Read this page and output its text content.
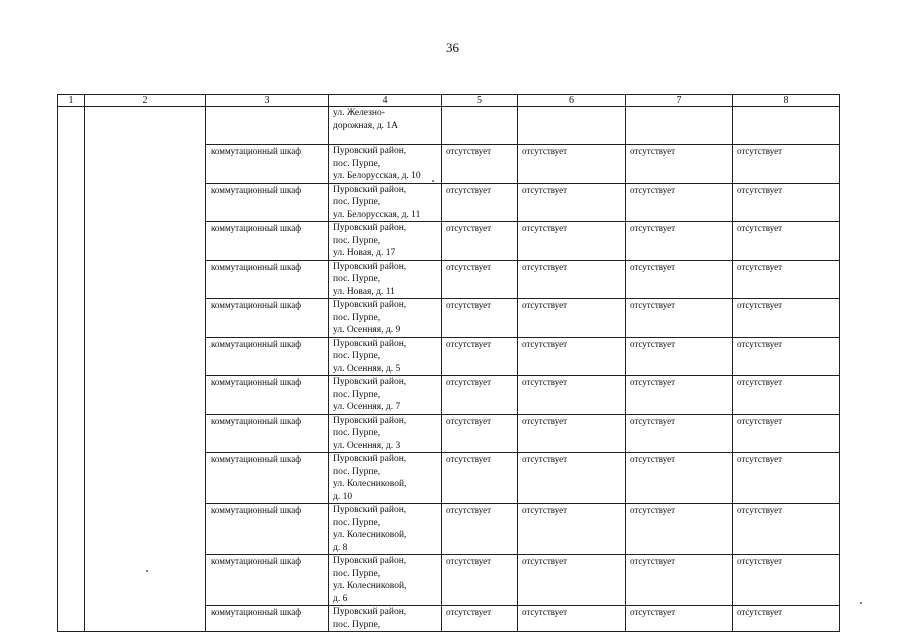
36
1	2	3	4	5	6	7	8

			ул. Железно-
дорожная, д. 1А				

		коммутационный шкаф	Пуровский район,
пос. Пурпе,
ул. Белорусская, д. 10	отсутствует	отсутствует	отсутствует	отсутствует
		коммутационный шкаф	Пуровский район,
пос. Пурпе,
ул. Белорусская, д. 11	отсутствует	отсутствует	отсутствует	отсутствует
		коммутационный шкаф	Пуровский район,
пос. Пурпе,
ул. Новая, д. 17	отсутствует	отсутствует	отсутствует	отсутствует
		коммутационный шкаф	Пуровский район,
пос. Пурпе,
ул. Новая, д. 11	отсутствует	отсутствует	отсутствует	отсутствует
		коммутационный шкаф	Пуровский район,
пос. Пурпе,
ул. Осенняя, д. 9	отсутствует	отсутствует	отсутствует	отсутствует
		коммутационный шкаф	Пуровский район,
пос. Пурпе,
ул. Осенняя, д. 5	отсутствует	отсутствует	отсутствует	отсутствует
		коммутационный шкаф	Пуровский район,
пос. Пурпе,
ул. Осенняя, д. 7	отсутствует	отсутствует	отсутствует	отсутствует
		коммутационный шкаф	Пуровский район,
пос. Пурпе,
ул. Осенняя, д. 3	отсутствует	отсутствует	отсутствует	отсутствует
		коммутационный шкаф	Пуровский район,
пос. Пурпе,
ул. Колесниковой,
д. 10	отсутствует	отсутствует	отсутствует	отсутствует
		коммутационный шкаф	Пуровский район,
пос. Пурпе,
ул. Колесниковой,
д. 8	отсутствует	отсутствует	отсутствует	отсутствует
		коммутационный шкаф	Пуровский район,
пос. Пурпе,
ул. Колесниковой,
д. 6	отсутствует	отсутствует	отсутствует	отсутствует
		коммутационный шкаф	Пуровский район,
пос. Пурпе,	отсутствует	отсутствует	отсутствует	отсутствует
